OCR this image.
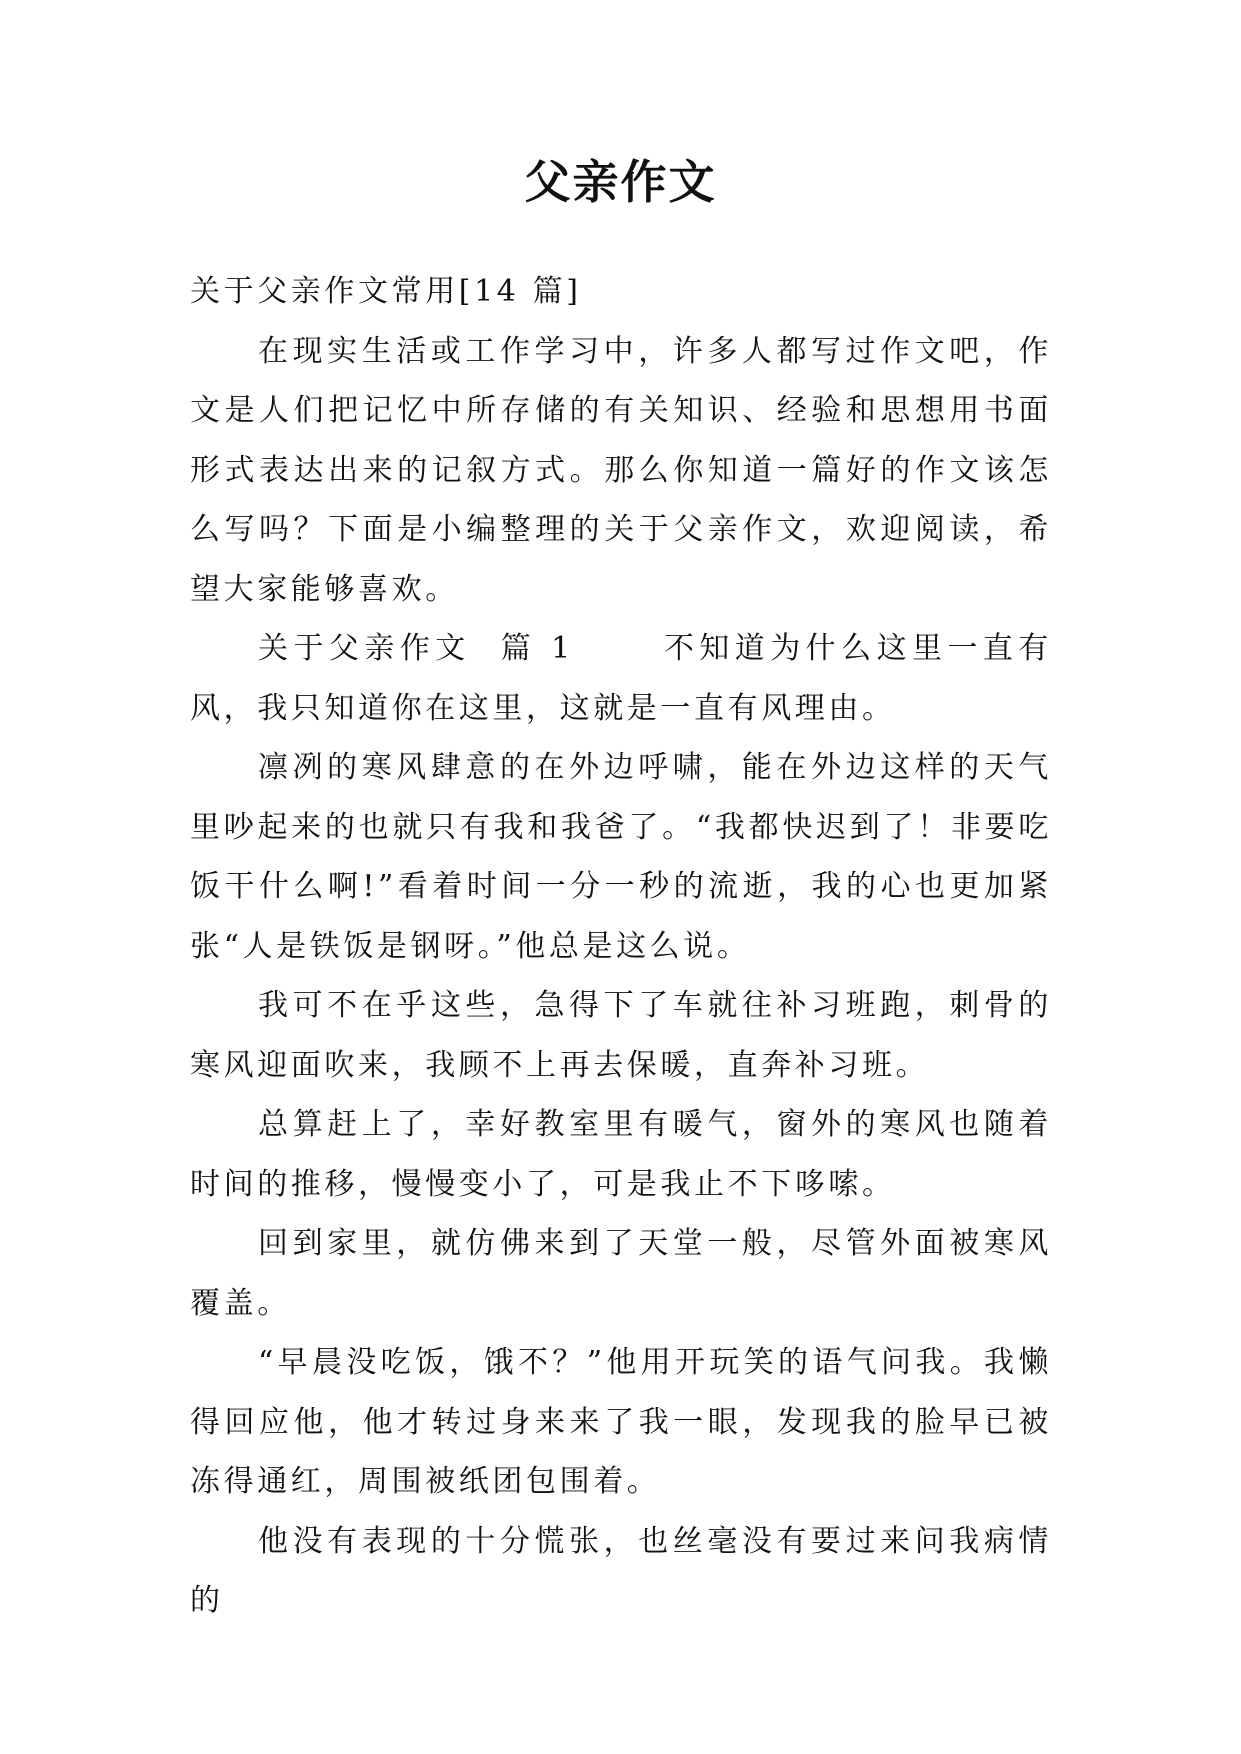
父亲作文

关于父亲作文常用[14 篇]

在现实生活或工作学习中，许多人都写过作文吧，作文是人们把记忆中所存储的有关知识、经验和思想用书面形式表达出来的记叙方式。那么你知道一篇好的作文该怎么写吗？下面是小编整理的关于父亲作文，欢迎阅读，希望大家能够喜欢。

关于父亲作文  篇 1      不知道为什么这里一直有风，我只知道你在这里，这就是一直有风理由。

凛冽的寒风肆意的在外边呼啸，能在外边这样的天气里吵起来的也就只有我和我爸了。“我都快迟到了！非要吃饭干什么啊!”看着时间一分一秒的流逝，我的心也更加紧张“人是铁饭是钢呀。”他总是这么说。

我可不在乎这些，急得下了车就往补习班跑，刺骨的寒风迎面吹来，我顾不上再去保暖，直奔补习班。

总算赶上了，幸好教室里有暖气，窗外的寒风也随着时间的推移，慢慢变小了，可是我止不下哆嗦。

回到家里，就仿佛来到了天堂一般，尽管外面被寒风覆盖。

“早晨没吃饭，饿不？”他用开玩笑的语气问我。我懒得回应他，他才转过身来来了我一眼，发现我的脸早已被冻得通红，周围被纸团包围着。

他没有表现的十分慌张，也丝毫没有要过来问我病情的
